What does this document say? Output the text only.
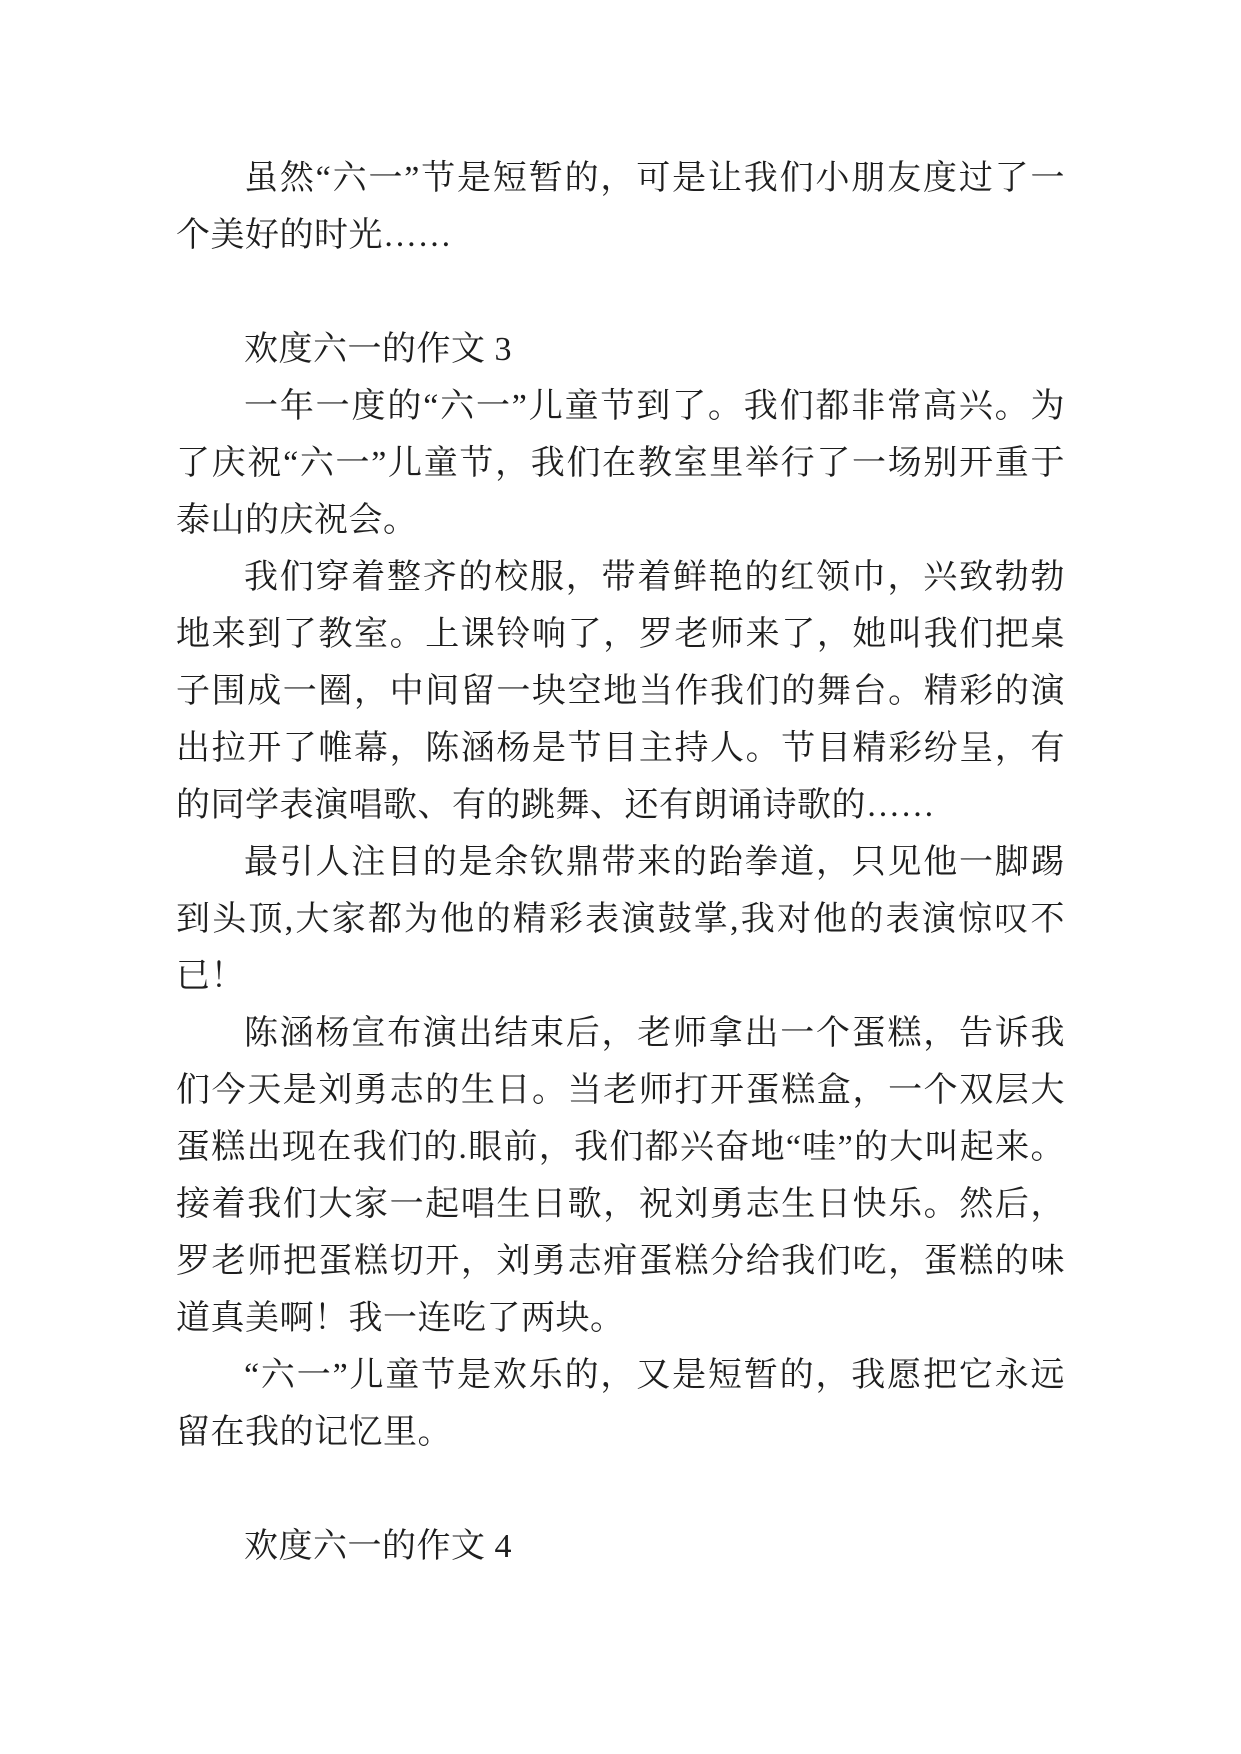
虽然“六一”节是短暂的，可是让我们小朋友度过了一个美好的时光……

欢度六一的作文 3

一年一度的“六一”儿童节到了。我们都非常高兴。为了庆祝“六一”儿童节，我们在教室里举行了一场别开重于泰山的庆祝会。

我们穿着整齐的校服，带着鲜艳的红领巾，兴致勃勃地来到了教室。上课铃响了，罗老师来了，她叫我们把桌子围成一圈，中间留一块空地当作我们的舞台。精彩的演出拉开了帷幕，陈涵杨是节目主持人。节目精彩纷呈，有的同学表演唱歌、有的跳舞、还有朗诵诗歌的……

最引人注目的是余钦鼎带来的跆拳道，只见他一脚踢到头顶,大家都为他的精彩表演鼓掌,我对他的表演惊叹不已！

陈涵杨宣布演出结束后，老师拿出一个蛋糕，告诉我们今天是刘勇志的生日。当老师打开蛋糕盒，一个双层大蛋糕出现在我们的.眼前，我们都兴奋地“哇”的大叫起来。接着我们大家一起唱生日歌，祝刘勇志生日快乐。然后，罗老师把蛋糕切开，刘勇志疳蛋糕分给我们吃，蛋糕的味道真美啊！我一连吃了两块。

“六一”儿童节是欢乐的，又是短暂的，我愿把它永远留在我的记忆里。

欢度六一的作文 4
